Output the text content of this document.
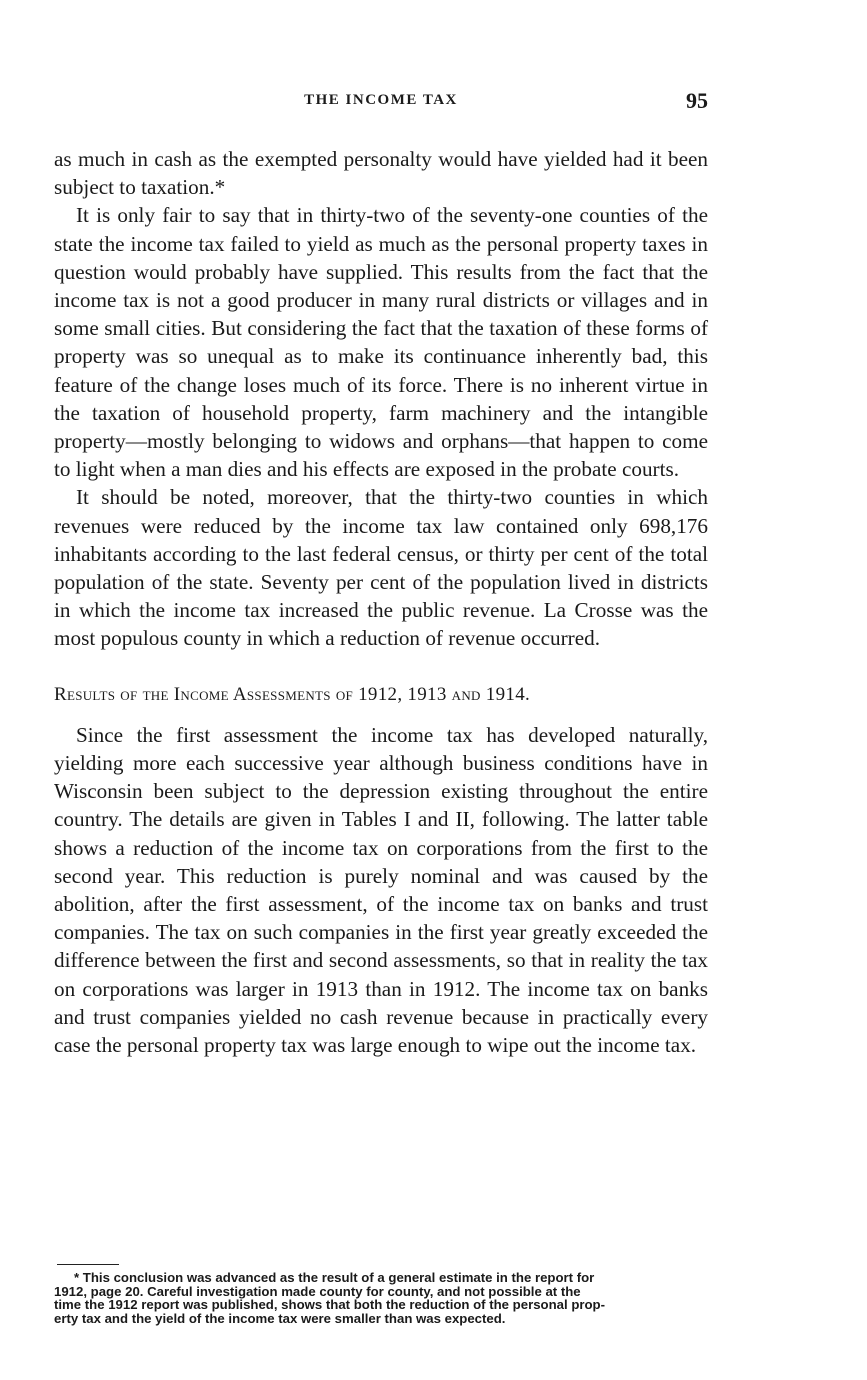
THE INCOME TAX	95

as much in cash as the exempted personalty would have yielded had it been subject to taxation.*

It is only fair to say that in thirty-two of the seventy-one counties of the state the income tax failed to yield as much as the personal property taxes in question would probably have supplied. This results from the fact that the income tax is not a good producer in many rural districts or villages and in some small cities. But considering the fact that the taxation of these forms of property was so unequal as to make its continuance inherently bad, this feature of the change loses much of its force. There is no inherent virtue in the taxation of household property, farm machinery and the intangible property—mostly belonging to widows and orphans—that happen to come to light when a man dies and his effects are exposed in the probate courts.

It should be noted, moreover, that the thirty-two counties in which revenues were reduced by the income tax law contained only 698,176 inhabitants according to the last federal census, or thirty per cent of the total population of the state. Seventy per cent of the population lived in districts in which the income tax increased the public revenue. La Crosse was the most populous county in which a reduction of revenue occurred.

Results of the Income Assessments of 1912, 1913 and 1914.

Since the first assessment the income tax has developed naturally, yielding more each successive year although business conditions have in Wisconsin been subject to the depression existing throughout the entire country. The details are given in Tables I and II, following. The latter table shows a reduction of the income tax on corporations from the first to the second year. This reduction is purely nominal and was caused by the abolition, after the first assessment, of the income tax on banks and trust companies. The tax on such companies in the first year greatly exceeded the difference between the first and second assessments, so that in reality the tax on corporations was larger in 1913 than in 1912. The income tax on banks and trust companies yielded no cash revenue because in practically every case the personal property tax was large enough to wipe out the income tax.

* This conclusion was advanced as the result of a general estimate in the report for
1912, page 20. Careful investigation made county for county, and not possible at the
time the 1912 report was published, shows that both the reduction of the personal prop-
erty tax and the yield of the income tax were smaller than was expected.
